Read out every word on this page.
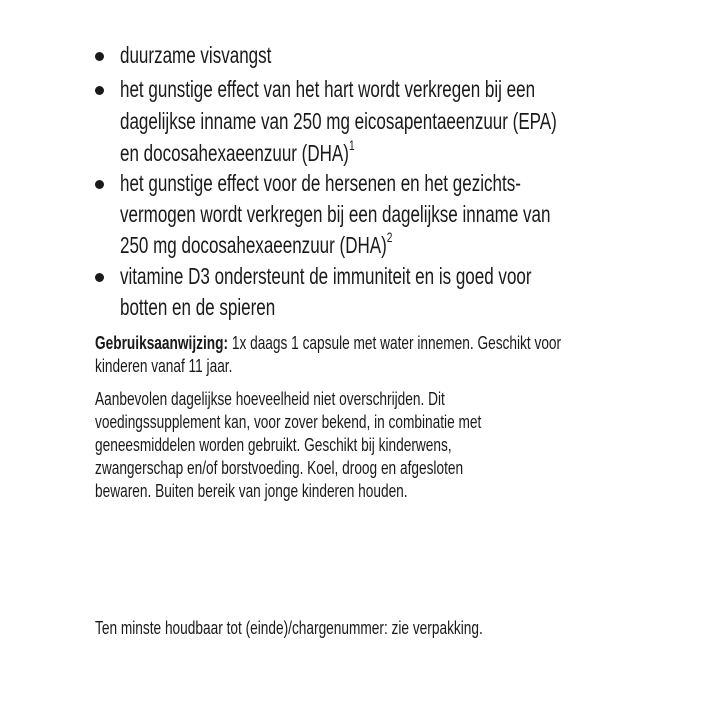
duurzame visvangst
het gunstige effect van het hart wordt verkregen bij een
dagelijkse inname van 250 mg eicosapentaeenzuur (EPA)
en docosahexaeenzuur (DHA)$^1$
het gunstige effect voor de hersenen en het gezichts-
vermogen wordt verkregen bij een dagelijkse inname van
250 mg docosahexaeenzuur (DHA)$^2$
vitamine D3 ondersteunt de immuniteit en is goed voor
botten en de spieren
Gebruiksaanwijzing: 1x daags 1 capsule met water innemen. Geschikt voor
kinderen vanaf 11 jaar.
Aanbevolen dagelijkse hoeveelheid niet overschrijden. Dit
voedingssupplement kan, voor zover bekend, in combinatie met
geneesmiddelen worden gebruikt. Geschikt bij kinderwens,
zwangerschap en/of borstvoeding. Koel, droog en afgesloten
bewaren. Buiten bereik van jonge kinderen houden.
Ten minste houdbaar tot (einde)/chargenummer: zie verpakking.
